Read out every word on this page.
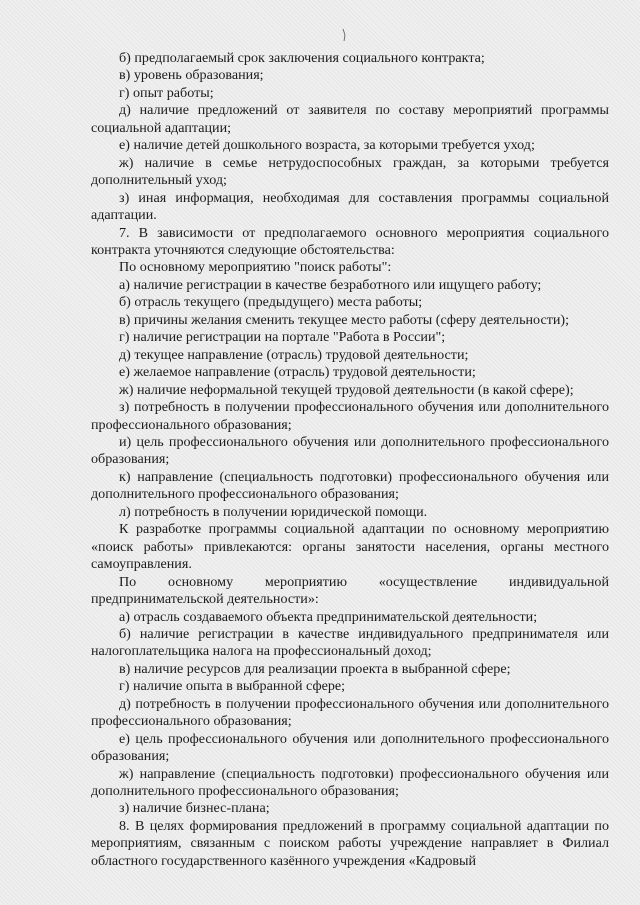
б) предполагаемый срок заключения социального контракта;

в) уровень образования;

г) опыт работы;

д) наличие предложений от заявителя по составу мероприятий программы социальной адаптации;

е) наличие детей дошкольного возраста, за которыми требуется уход;

ж) наличие в семье нетрудоспособных граждан, за которыми требуется дополнительный уход;

з) иная информация, необходимая для составления программы социальной адаптации.

7. В зависимости от предполагаемого основного мероприятия социального контракта уточняются следующие обстоятельства:

По основному мероприятию "поиск работы":

а) наличие регистрации в качестве безработного или ищущего работу;

б) отрасль текущего (предыдущего) места работы;

в) причины желания сменить текущее место работы (сферу деятельности);

г) наличие регистрации на портале "Работа в России";

д) текущее направление (отрасль) трудовой деятельности;

е) желаемое направление (отрасль) трудовой деятельности;

ж) наличие неформальной текущей трудовой деятельности (в какой сфере);

з) потребность в получении профессионального обучения или дополнительного профессионального образования;

и) цель профессионального обучения или дополнительного профессионального образования;

к) направление (специальность подготовки) профессионального обучения или дополнительного профессионального образования;

л) потребность в получении юридической помощи.

К разработке программы социальной адаптации по основному мероприятию «поиск работы» привлекаются: органы занятости населения, органы местного самоуправления.

По основному мероприятию «осуществление индивидуальной предпринимательской деятельности»:

а) отрасль создаваемого объекта предпринимательской деятельности;

б) наличие регистрации в качестве индивидуального предпринимателя или налогоплательщика налога на профессиональный доход;

в) наличие ресурсов для реализации проекта в выбранной сфере;

г) наличие опыта в выбранной сфере;

д) потребность в получении профессионального обучения или дополнительного профессионального образования;

е) цель профессионального обучения или дополнительного профессионального образования;

ж) направление (специальность подготовки) профессионального обучения или дополнительного профессионального образования;

з) наличие бизнес-плана;

8. В целях формирования предложений в программу социальной адаптации по мероприятиям, связанным с поиском работы учреждение направляет в Филиал областного государственного казённого учреждения «Кадровый
